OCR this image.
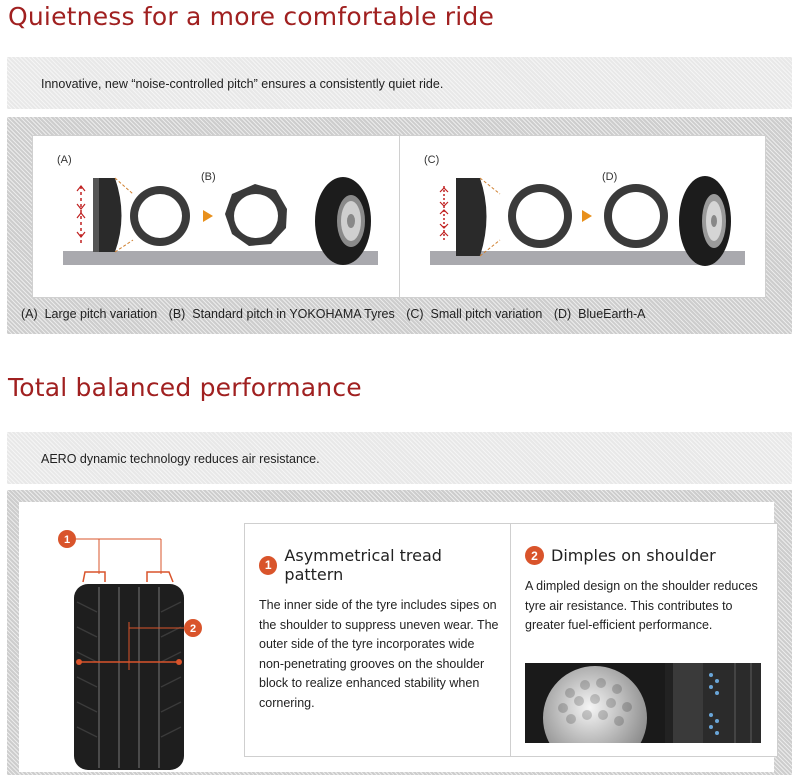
Quietness for a more comfortable ride
Innovative, new “noise-controlled pitch” ensures a consistently quiet ride.
(A)
(B)
(C)
(D)
(A)  Large pitch variation (B)  Standard pitch in YOKOHAMA Tyres (C)  Small pitch variation (D)  BlueEarth-A
Total balanced performance
AERO dynamic technology reduces air resistance.
1
2
1 Asymmetrical tread pattern

The inner side of the tyre includes sipes on the shoulder to suppress uneven wear. The outer side of the tyre incorporates wide non-penetrating grooves on the shoulder block to realize enhanced stability when cornering.

2 Dimples on shoulder

A dimpled design on the shoulder reduces tyre air resistance. This contributes to greater fuel-efficient performance.
